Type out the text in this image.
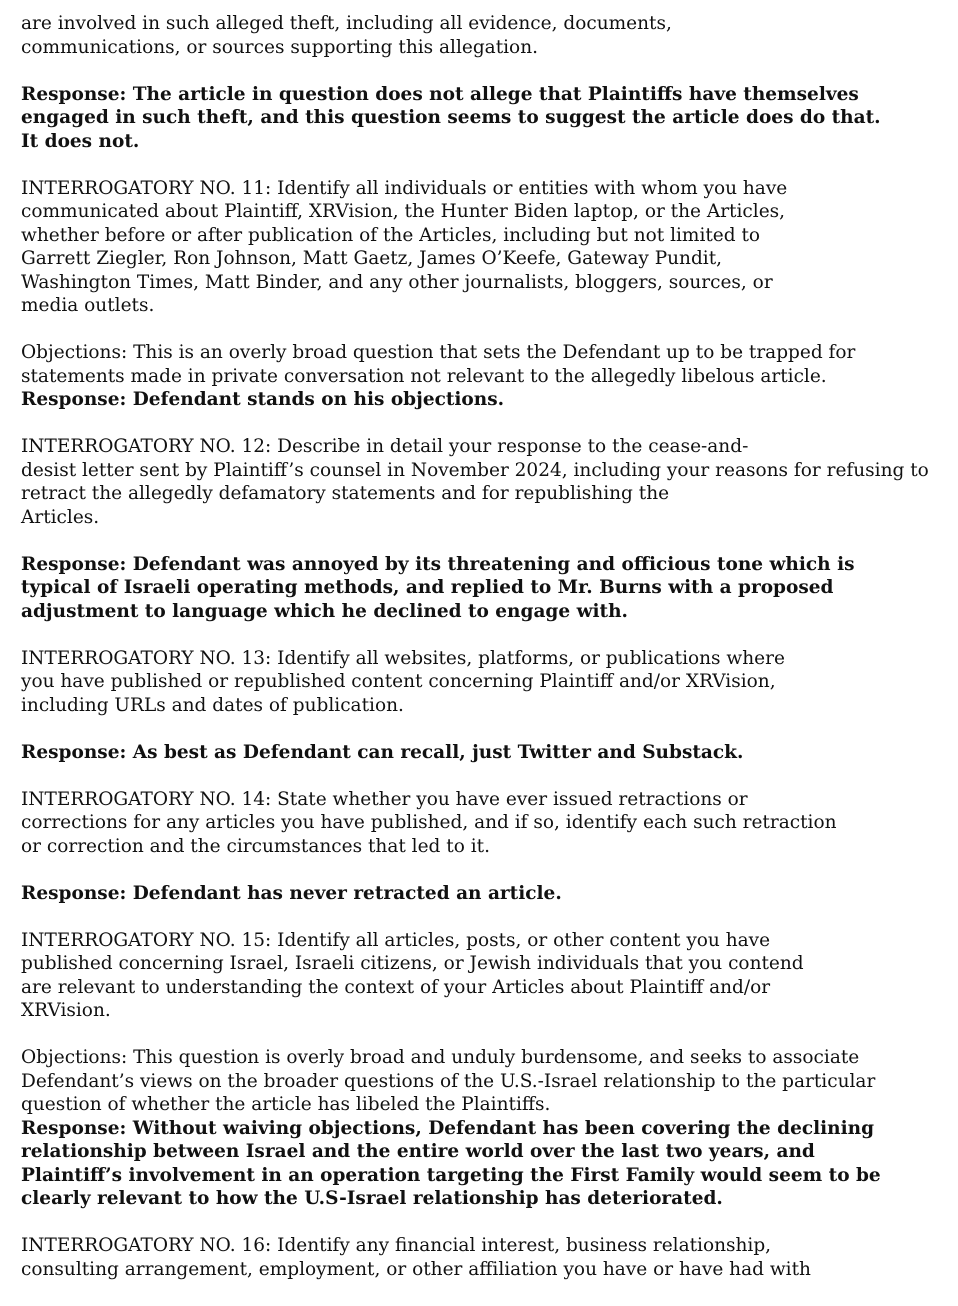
are involved in such alleged theft, including all evidence, documents,
communications, or sources supporting this allegation.
Response: The article in question does not allege that Plaintiffs have themselves
engaged in such theft, and this question seems to suggest the article does do that.
It does not.
INTERROGATORY NO. 11: Identify all individuals or entities with whom you have
communicated about Plaintiff, XRVision, the Hunter Biden laptop, or the Articles,
whether before or after publication of the Articles, including but not limited to
Garrett Ziegler, Ron Johnson, Matt Gaetz, James O’Keefe, Gateway Pundit,
Washington Times, Matt Binder, and any other journalists, bloggers, sources, or
media outlets.
Objections: This is an overly broad question that sets the Defendant up to be trapped for
statements made in private conversation not relevant to the allegedly libelous article.
Response: Defendant stands on his objections.
INTERROGATORY NO. 12: Describe in detail your response to the cease-and-
desist letter sent by Plaintiff’s counsel in November 2024, including your reasons for refusing to
retract the allegedly defamatory statements and for republishing the
Articles.
Response: Defendant was annoyed by its threatening and officious tone which is
typical of Israeli operating methods, and replied to Mr. Burns with a proposed
adjustment to language which he declined to engage with.
INTERROGATORY NO. 13: Identify all websites, platforms, or publications where
you have published or republished content concerning Plaintiff and/or XRVision,
including URLs and dates of publication.
Response: As best as Defendant can recall, just Twitter and Substack.
INTERROGATORY NO. 14: State whether you have ever issued retractions or
corrections for any articles you have published, and if so, identify each such retraction
or correction and the circumstances that led to it.
Response: Defendant has never retracted an article.
INTERROGATORY NO. 15: Identify all articles, posts, or other content you have
published concerning Israel, Israeli citizens, or Jewish individuals that you contend
are relevant to understanding the context of your Articles about Plaintiff and/or
XRVision.
Objections: This question is overly broad and unduly burdensome, and seeks to associate
Defendant’s views on the broader questions of the U.S.-Israel relationship to the particular
question of whether the article has libeled the Plaintiffs.
Response: Without waiving objections, Defendant has been covering the declining
relationship between Israel and the entire world over the last two years, and
Plaintiff’s involvement in an operation targeting the First Family would seem to be
clearly relevant to how the U.S-Israel relationship has deteriorated.
INTERROGATORY NO. 16: Identify any financial interest, business relationship,
consulting arrangement, employment, or other affiliation you have or have had with
